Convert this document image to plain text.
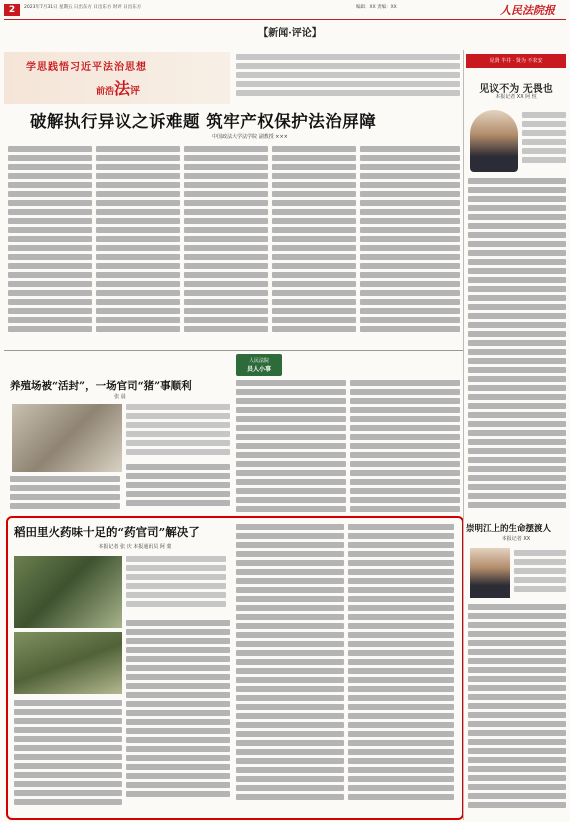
2	2023年7月31日 星期五 日出东方 日出东方 时评 日出东方	编辑：XX 责编：XX	人民法院报
【新闻·评论】
学思践悟习近平法治思想
前浩法评
破解执行异议之诉难题 筑牢产权保护法治屏障
中国政法大学法学院 副教授 ×××
见贤 半井 · 贤为 不农安
见议不为 无畏也
本报记者 XX 阿 恒
人民法院
员人小事
养殖场被“活封”，一场官司“猪”事顺利
张 晨
稻田里火药味十足的“药官司”解决了
本报记者 张 庆 本报通讯员 阿 蒙
崇明江上的生命摆渡人
本报记者 XX
